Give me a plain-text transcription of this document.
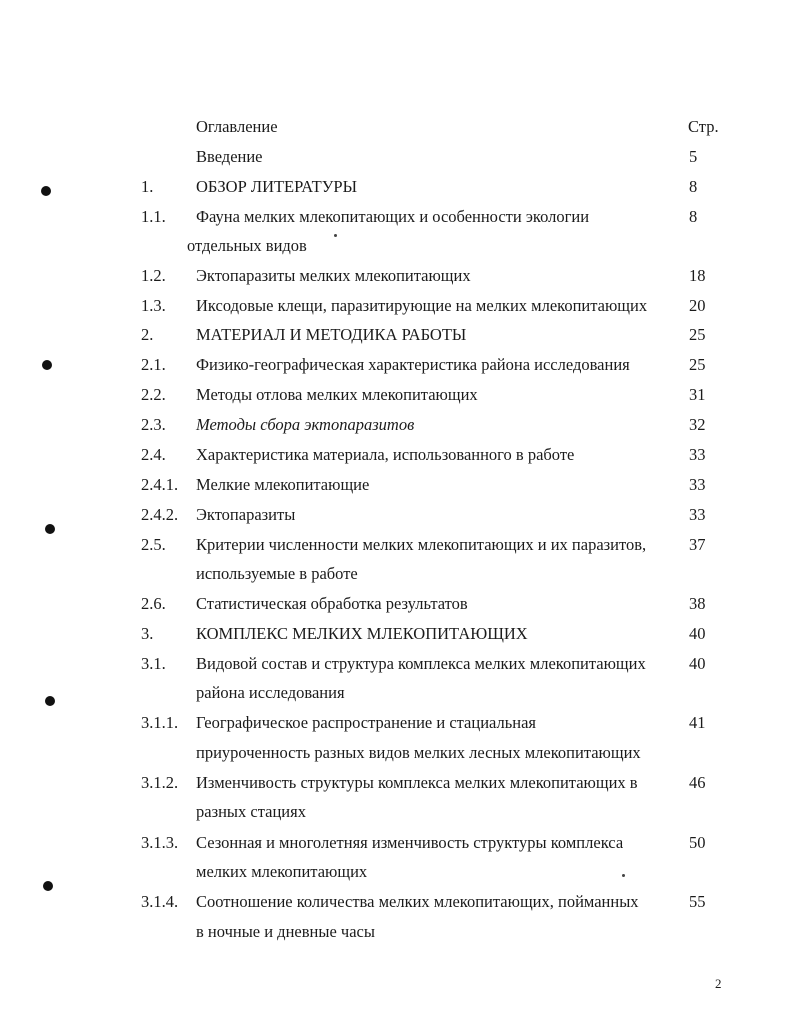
Оглавление	Стр.
Введение	5
1.	ОБЗОР ЛИТЕРАТУРЫ	8
1.1. Фауна мелких млекопитающих и особенности экологии	8
отдельных видов
1.2. Эктопаразиты мелких млекопитающих	18
1.3. Иксодовые клещи, паразитирующие на мелких млекопитающих	20
2.	МАТЕРИАЛ И МЕТОДИКА РАБОТЫ	25
2.1. Физико-географическая характеристика района исследования	25
2.2. Методы отлова мелких млекопитающих	31
2.3. Методы сбора эктопаразитов	32
2.4. Характеристика материала, использованного в работе	33
2.4.1. Мелкие млекопитающие	33
2.4.2. Эктопаразиты	33
2.5. Критерии численности мелких млекопитающих и их паразитов,	37
используемые в работе
2.6. Статистическая обработка результатов	38
3.	КОМПЛЕКС МЕЛКИХ МЛЕКОПИТАЮЩИХ	40
3.1. Видовой состав и структура комплекса мелких млекопитающих	40
района исследования
3.1.1. Географическое распространение и стациальная	41
приуроченность разных видов мелких лесных млекопитающих
3.1.2. Изменчивость структуры комплекса мелких млекопитающих в	46
разных стациях
3.1.3. Сезонная и многолетняя изменчивость структуры комплекса	50
мелких млекопитающих
3.1.4. Соотношение количества мелких млекопитающих, пойманных	55
в ночные и дневные часы
2
